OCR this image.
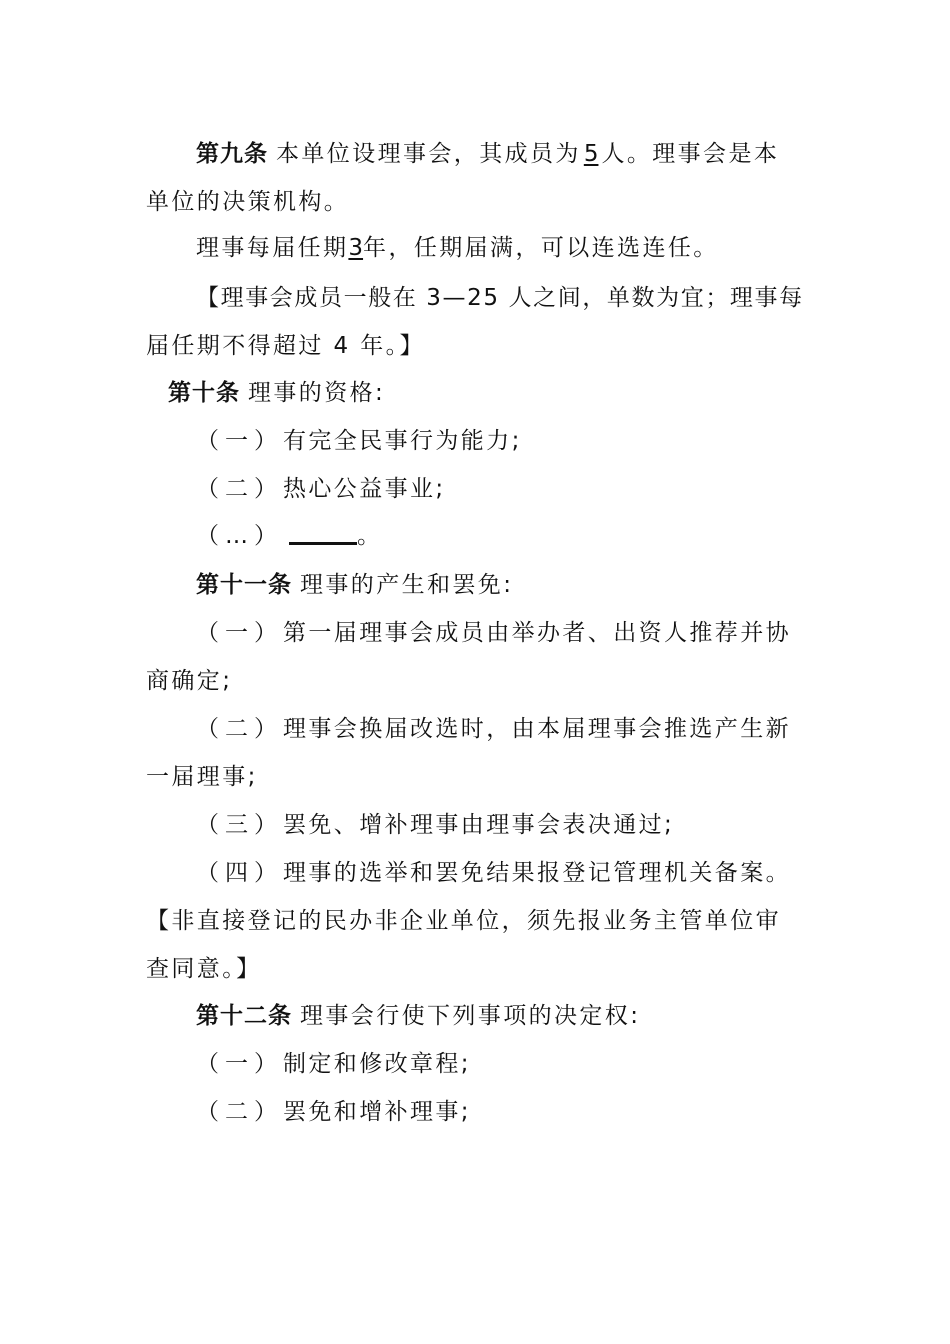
第九条 本单位设理事会，其成员为 5 人。理事会是本
单位的决策机构。
理事每届任期3年，任期届满，可以连选连任。
【理事会成员一般在 3—25 人之间，单数为宜；理事每
届任期不得超过 4 年。】
第十条 理事的资格:
（一）有完全民事行为能力;
（二）热心公益事业;
（…）	。
第十一条 理事的产生和罢免:
（一）第一届理事会成员由举办者、出资人推荐并协
商确定;
（二）理事会换届改选时，由本届理事会推选产生新
一届理事;
（三）罢免、增补理事由理事会表决通过;
（四）理事的选举和罢免结果报登记管理机关备案。
【非直接登记的民办非企业单位，须先报业务主管单位审
查同意。】
第十二条 理事会行使下列事项的决定权:
（一）制定和修改章程;
（二）罢免和增补理事;
